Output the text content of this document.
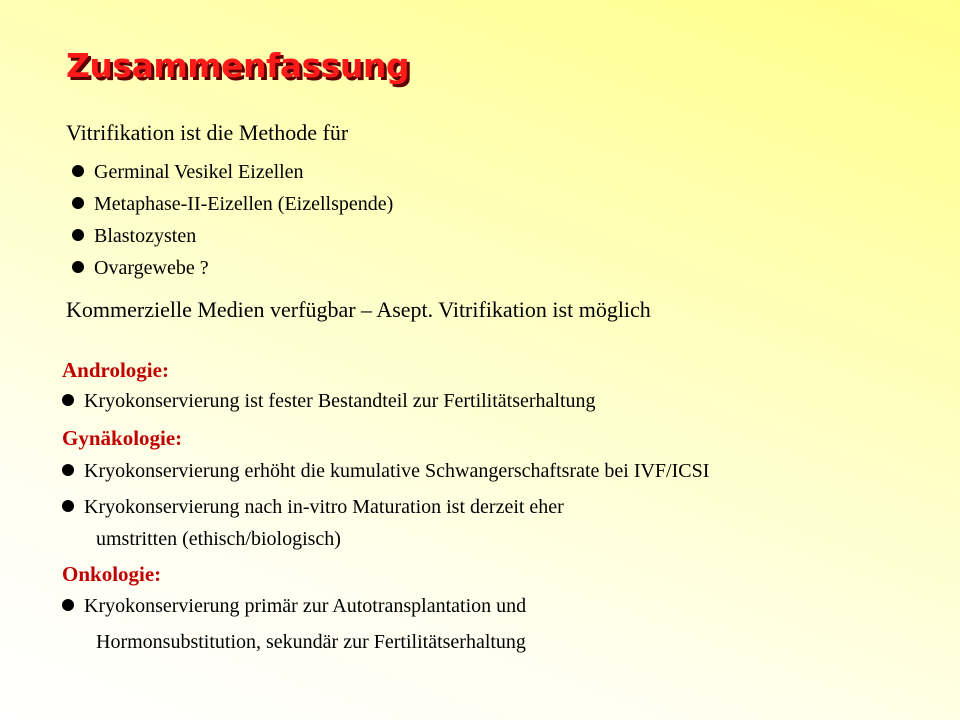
Zusammenfassung
Vitrifikation ist die Methode für
Germinal Vesikel Eizellen
Metaphase-II-Eizellen (Eizellspende)
Blastozysten
Ovargewebe ?
Kommerzielle Medien verfügbar – Asept. Vitrifikation ist möglich
Andrologie:
Kryokonservierung ist fester Bestandteil zur Fertilitätserhaltung
Gynäkologie:
Kryokonservierung erhöht die kumulative Schwangerschaftsrate bei IVF/ICSI
Kryokonservierung nach in-vitro Maturation ist derzeit eher
umstritten (ethisch/biologisch)
Onkologie:
Kryokonservierung primär zur Autotransplantation und
Hormonsubstitution, sekundär zur Fertilitätserhaltung
